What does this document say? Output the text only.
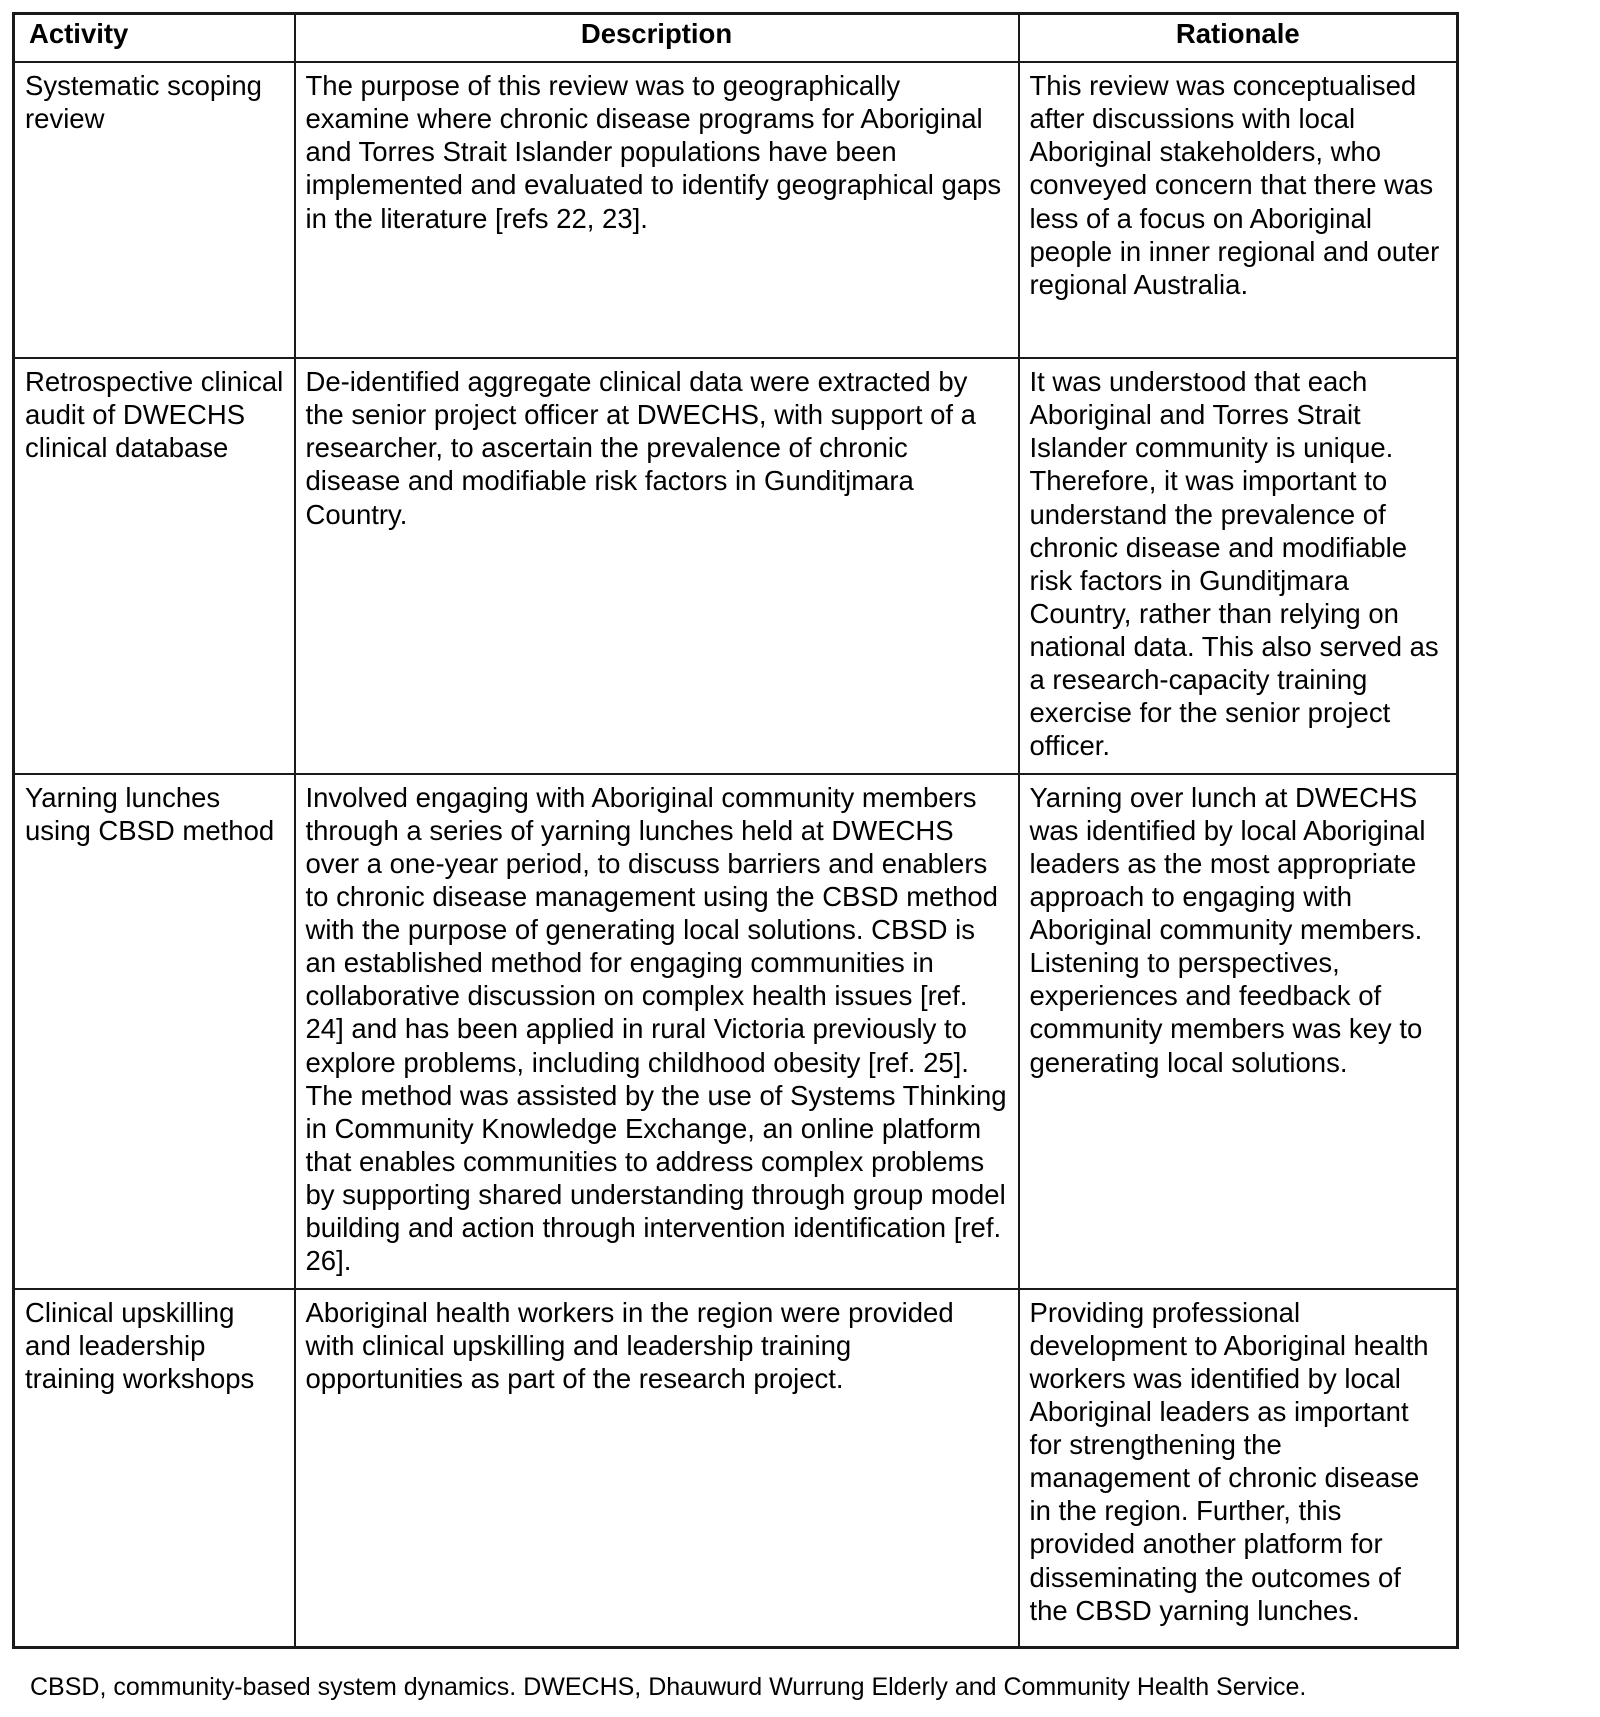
Activity	Description	Rationale
Systematic scoping review	The purpose of this review was to geographically examine where chronic disease programs for Aboriginal and Torres Strait Islander populations have been implemented and evaluated to identify geographical gaps in the literature [refs 22, 23].	This review was conceptualised after discussions with local Aboriginal stakeholders, who conveyed concern that there was less of a focus on Aboriginal people in inner regional and outer regional Australia.
Retrospective clinical audit of DWECHS clinical database	De-identified aggregate clinical data were extracted by the senior project officer at DWECHS, with support of a researcher, to ascertain the prevalence of chronic disease and modifiable risk factors in Gunditjmara Country.	It was understood that each Aboriginal and Torres Strait Islander community is unique. Therefore, it was important to understand the prevalence of chronic disease and modifiable risk factors in Gunditjmara Country, rather than relying on national data. This also served as a research-capacity training exercise for the senior project officer.
Yarning lunches using CBSD method	Involved engaging with Aboriginal community members through a series of yarning lunches held at DWECHS over a one-year period, to discuss barriers and enablers to chronic disease management using the CBSD method with the purpose of generating local solutions. CBSD is an established method for engaging communities in collaborative discussion on complex health issues [ref. 24] and has been applied in rural Victoria previously to explore problems, including childhood obesity [ref. 25]. The method was assisted by the use of Systems Thinking in Community Knowledge Exchange, an online platform that enables communities to address complex problems by supporting shared understanding through group model building and action through intervention identification [ref. 26].	Yarning over lunch at DWECHS was identified by local Aboriginal leaders as the most appropriate approach to engaging with Aboriginal community members. Listening to perspectives, experiences and feedback of community members was key to generating local solutions.
Clinical upskilling and leadership training workshops	Aboriginal health workers in the region were provided with clinical upskilling and leadership training opportunities as part of the research project.	Providing professional development to Aboriginal health workers was identified by local Aboriginal leaders as important for strengthening the management of chronic disease in the region. Further, this provided another platform for disseminating the outcomes of the CBSD yarning lunches.
CBSD, community-based system dynamics. DWECHS, Dhauwurd Wurrung Elderly and Community Health Service.
